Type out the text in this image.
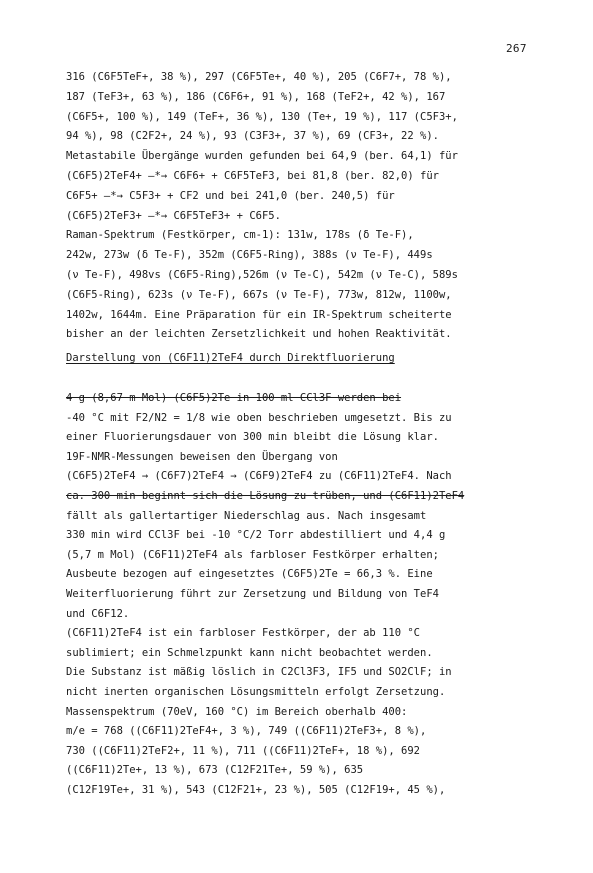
267
316 (C6F5TeF+, 38 %), 297 (C6F5Te+, 40 %), 205 (C6F7+, 78 %),
187 (TeF3+, 63 %), 186 (C6F6+, 91 %), 168 (TeF2+, 42 %), 167
(C6F5+, 100 %), 149 (TeF+, 36 %), 130 (Te+, 19 %), 117 (C5F3+,
94 %), 98 (C2F2+, 24 %), 93 (C3F3+, 37 %), 69 (CF3+, 22 %).
Metastabile Übergänge wurden gefunden bei 64,9 (ber. 64,1) für
(C6F5)2TeF4+ —*→ C6F6+ + C6F5TeF3, bei 81,8 (ber. 82,0) für
C6F5+ —*→ C5F3+ + CF2 und bei 241,0 (ber. 240,5) für
(C6F5)2TeF3+ —*→ C6F5TeF3+ + C6F5.
Raman-Spektrum (Festkörper, cm-1): 131w, 178s (δ Te-F),
242w, 273w (δ Te-F), 352m (C6F5-Ring), 388s (ν Te-F), 449s
(ν Te-F), 498vs (C6F5-Ring),526m (ν Te-C), 542m (ν Te-C), 589s
(C6F5-Ring), 623s (ν Te-F), 667s (ν Te-F), 773w, 812w, 1100w,
1402w, 1644m. Eine Präparation für ein IR-Spektrum scheiterte
bisher an der leichten Zersetzlichkeit und hohen Reaktivität.
Darstellung von (C6F11)2TeF4 durch Direktfluorierung
4 g (8,67 m Mol) (C6F5)2Te in 100 ml CCl3F werden bei
-40 °C mit F2/N2 = 1/8 wie oben beschrieben umgesetzt. Bis zu
einer Fluorierungsdauer von 300 min bleibt die Lösung klar.
19F-NMR-Messungen beweisen den Übergang von
(C6F5)2TeF4 → (C6F7)2TeF4 → (C6F9)2TeF4 zu (C6F11)2TeF4. Nach
ca. 300 min beginnt sich die Lösung zu trüben, und (C6F11)2TeF4
fällt als gallertartiger Niederschlag aus. Nach insgesamt
330 min wird CCl3F bei -10 °C/2 Torr abdestilliert und 4,4 g
(5,7 m Mol) (C6F11)2TeF4 als farbloser Festkörper erhalten;
Ausbeute bezogen auf eingesetztes (C6F5)2Te = 66,3 %. Eine
Weiterfluorierung führt zur Zersetzung und Bildung von TeF4
und C6F12.
(C6F11)2TeF4 ist ein farbloser Festkörper, der ab 110 °C
sublimiert; ein Schmelzpunkt kann nicht beobachtet werden.
Die Substanz ist mäßig löslich in C2Cl3F3, IF5 und SO2ClF; in
nicht inerten organischen Lösungsmitteln erfolgt Zersetzung.
Massenspektrum (70eV, 160 °C) im Bereich oberhalb 400:
m/e = 768 ((C6F11)2TeF4+, 3 %), 749 ((C6F11)2TeF3+, 8 %),
730 ((C6F11)2TeF2+, 11 %), 711 ((C6F11)2TeF+, 18 %), 692
((C6F11)2Te+, 13 %), 673 (C12F21Te+, 59 %), 635
(C12F19Te+, 31 %), 543 (C12F21+, 23 %), 505 (C12F19+, 45 %),
